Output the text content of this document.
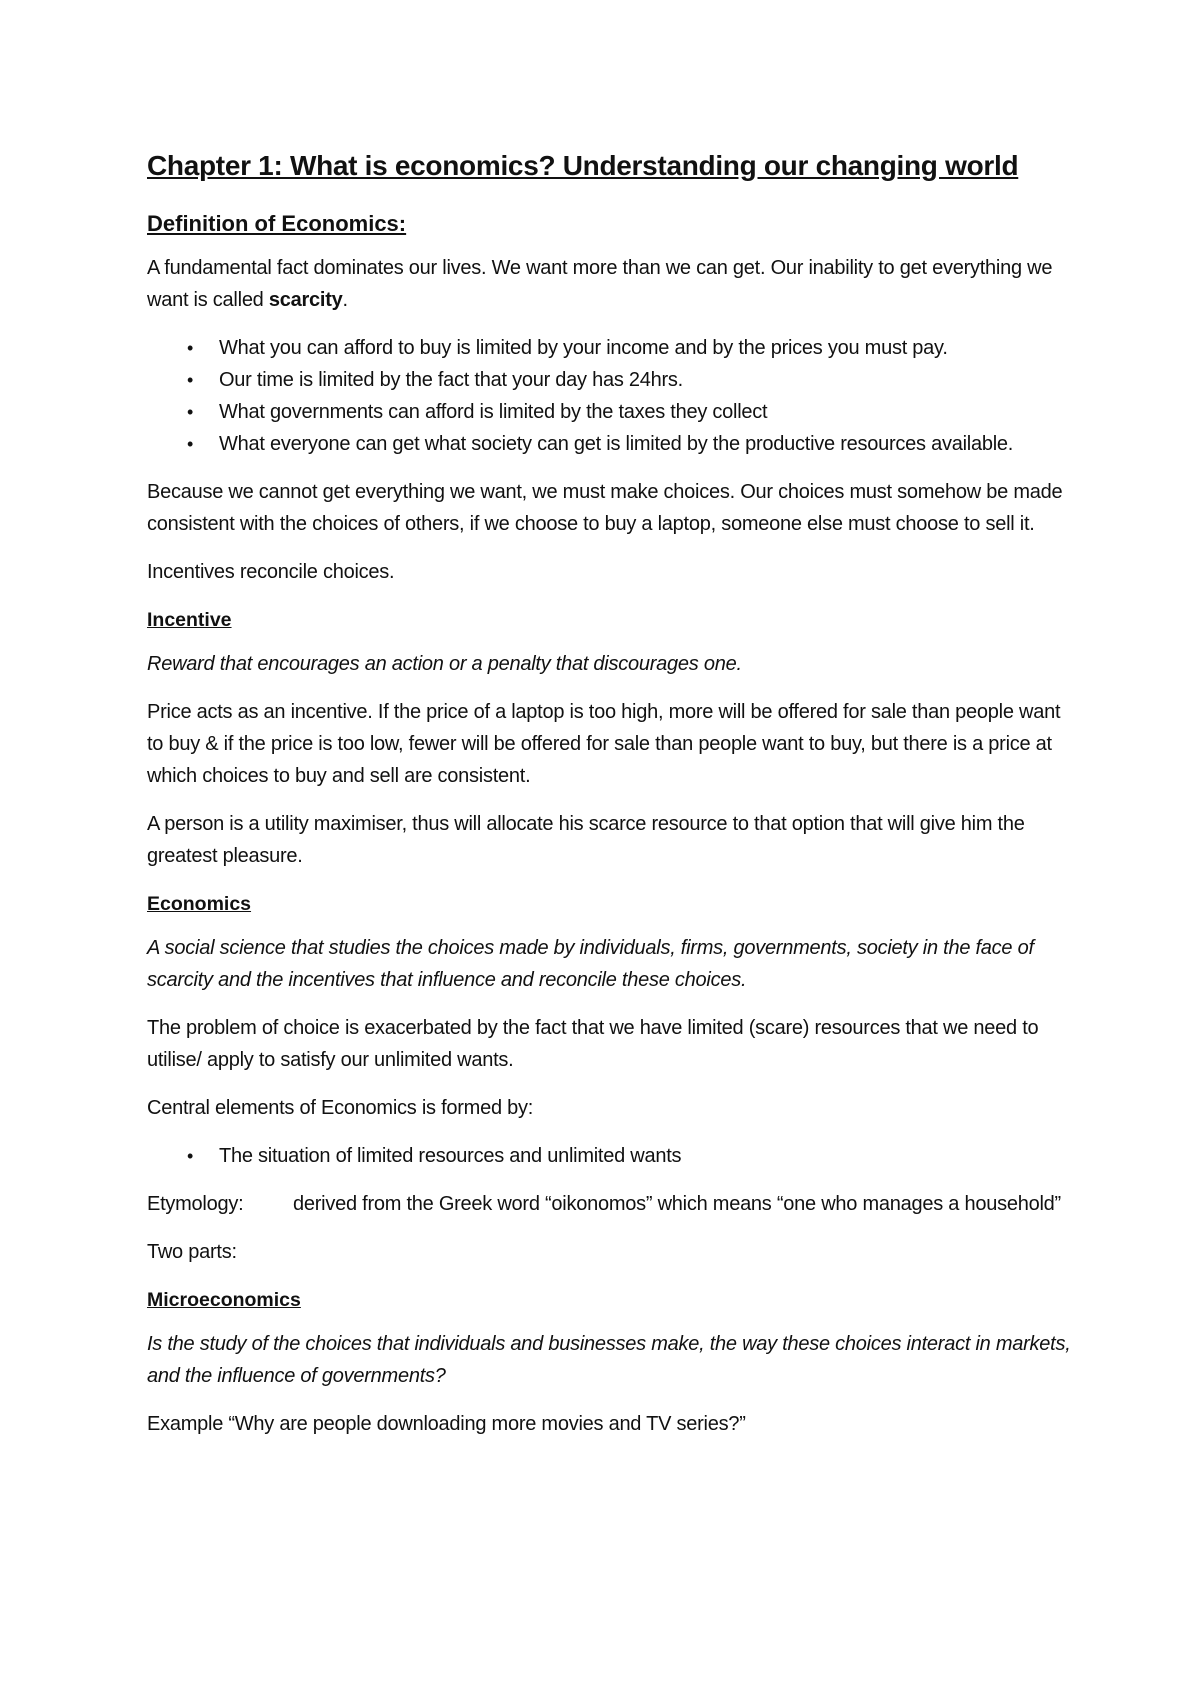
Chapter 1: What is economics? Understanding our changing world
Definition of Economics:

A fundamental fact dominates our lives. We want more than we can get. Our inability to get everything we want is called scarcity.

• What you can afford to buy is limited by your income and by the prices you must pay.
• Our time is limited by the fact that your day has 24hrs.
• What governments can afford is limited by the taxes they collect
• What everyone can get what society can get is limited by the productive resources available.

Because we cannot get everything we want, we must make choices. Our choices must somehow be made consistent with the choices of others, if we choose to buy a laptop, someone else must choose to sell it.

Incentives reconcile choices.

Incentive

Reward that encourages an action or a penalty that discourages one.

Price acts as an incentive. If the price of a laptop is too high, more will be offered for sale than people want to buy & if the price is too low, fewer will be offered for sale than people want to buy, but there is a price at which choices to buy and sell are consistent.

A person is a utility maximiser, thus will allocate his scarce resource to that option that will give him the greatest pleasure.

Economics

A social science that studies the choices made by individuals, firms, governments, society in the face of scarcity and the incentives that influence and reconcile these choices.

The problem of choice is exacerbated by the fact that we have limited (scare) resources that we need to utilise/ apply to satisfy our unlimited wants.

Central elements of Economics is formed by:

• The situation of limited resources and unlimited wants

Etymology: derived from the Greek word “oikonomos” which means “one who manages a household”

Two parts:

Microeconomics

Is the study of the choices that individuals and businesses make, the way these choices interact in markets, and the influence of governments?

Example “Why are people downloading more movies and TV series?”
